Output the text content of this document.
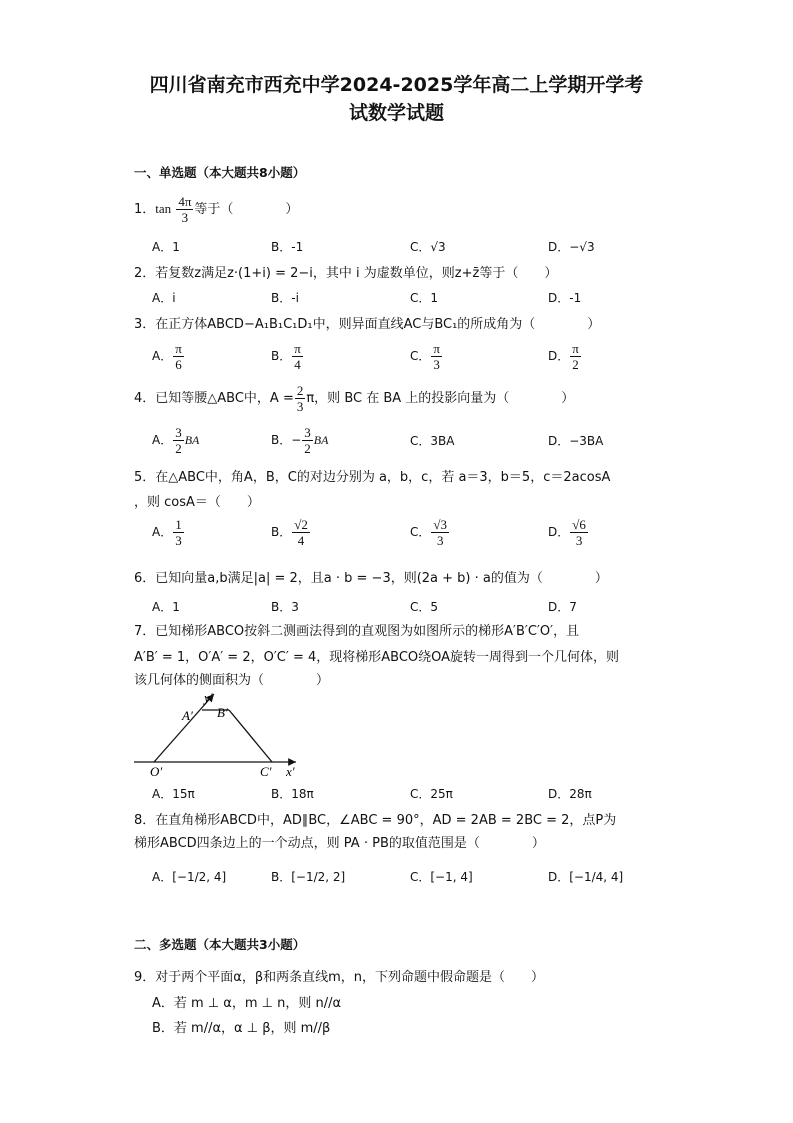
四川省南充市西充中学2024-2025学年高二上学期开学考
试数学试题
一、单选题（本大题共8小题）
1．$\tan \frac{4\pi}{3}$ 等于（　　　　）
A．1	B．-1	C．√3	D．−√3
2．若复数z满足z·(1+i) = 2−i，其中 i 为虚数单位，则z+z̄等于（　　）
A．i	B．-i	C．1	D．-1
3．在正方体ABCD−A₁B₁C₁D₁中，则异面直线AC与BC₁的所成角为（　　　　）
A． $\frac{\pi}{6}$	B． $\frac{\pi}{4}$	C． $\frac{\pi}{3}$	D． $\frac{\pi}{2}$
4．已知等腰△ABC中，$A = \frac{2}{3}$ π，则 BC 在 BA 上的投影向量为（　　　　）
A． $\frac{3}{2}$ BA	B．− $\frac{3}{2}$ BA	C．3BA	D．−3BA
5．在△ABC中，角A，B，C的对边分别为 a，b，c，若 a＝3，b＝5，c＝2acosA
，则 cosA＝（　　）
A． $\frac{1}{3}$	B． $\frac{√2}{4}$	C． $\frac{√3}{3}$	D． $\frac{√6}{3}$
6．已知向量a,b满足|a| = 2，且a · b = −3，则(2a + b) · a的值为（　　　　）
A．1	B．3	C．5	D．7
7．已知梯形ABCO按斜二测画法得到的直观图为如图所示的梯形A′B′C′O′，且
A′B′ = 1，O′A′ = 2，O′C′ = 4，现将梯形ABCO绕OA旋转一周得到一个几何体，则
该几何体的侧面积为（　　　　）
y′
A′ B′
O′	C′ x′
A．15π	B．18π	C．25π	D．28π
8．在直角梯形ABCD中，AD∥BC，∠ABC = 90°，AD = 2AB = 2BC = 2，点P为
梯形ABCD四条边上的一个动点，则 PA · PB的取值范围是（　　　　）
A．[−1/2, 4]	B．[−1/2, 2]	C．[−1, 4]	D．[−1/4, 4]
二、多选题（本大题共3小题）
9．对于两个平面α，β和两条直线m，n，下列命题中假命题是（　　）
A．若 m ⊥ α，m ⊥ n，则 n//α
B．若 m//α，α ⊥ β，则 m//β
